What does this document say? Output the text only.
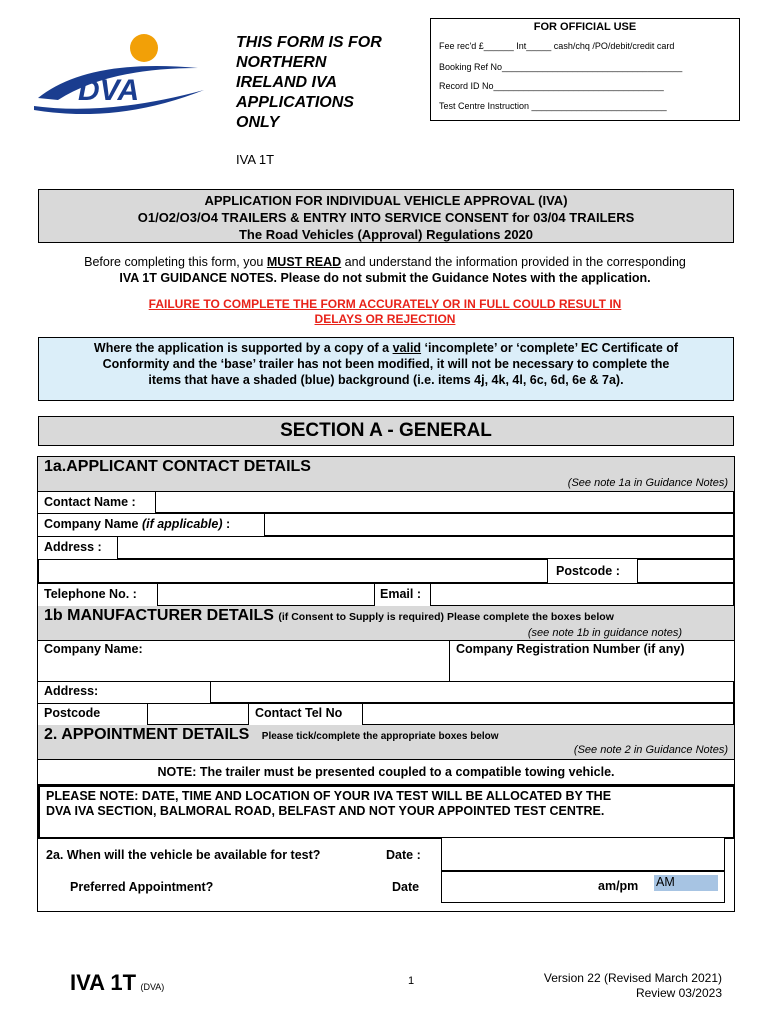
DVA
THIS FORM IS FOR
NORTHERN
IRELAND IVA
APPLICATIONS
ONLY
FOR OFFICIAL USE
Fee rec'd £______ Int_____ cash/chq /PO/debit/credit card
Booking Ref No____________________________________
Record ID No__________________________________
Test Centre Instruction ___________________________
IVA 1T
APPLICATION FOR INDIVIDUAL VEHICLE APPROVAL (IVA)
O1/O2/O3/O4 TRAILERS & ENTRY INTO SERVICE CONSENT for 03/04 TRAILERS
The Road Vehicles (Approval) Regulations 2020
Before completing this form, you MUST READ and understand the information provided in the corresponding
IVA 1T GUIDANCE NOTES. Please do not submit the Guidance Notes with the application.
FAILURE TO COMPLETE THE FORM ACCURATELY OR IN FULL COULD RESULT IN
DELAYS OR REJECTION
Where the application is supported by a copy of a valid ‘incomplete’ or ‘complete’ EC Certificate of
Conformity and the ‘base’ trailer has not been modified, it will not be necessary to complete the
items that have a shaded (blue) background (i.e. items 4j, 4k, 4l, 6c, 6d, 6e & 7a).
SECTION A - GENERAL
1a.APPLICANT CONTACT DETAILS
(See note 1a in Guidance Notes)
Contact Name :
Company Name (if applicable) :
Address :
Postcode :
Telephone No. :	Email :
1b MANUFACTURER DETAILS (if Consent to Supply is required) Please complete the boxes below
(see note 1b in guidance notes)
Company Name:	Company Registration Number (if any)
Address:
Postcode	Contact Tel No
2. APPOINTMENT DETAILS Please tick/complete the appropriate boxes below
(See note 2 in Guidance Notes)
NOTE: The trailer must be presented coupled to a compatible towing vehicle.
PLEASE NOTE: DATE, TIME AND LOCATION OF YOUR IVA TEST WILL BE ALLOCATED BY THE
DVA IVA SECTION, BALMORAL ROAD, BELFAST AND NOT YOUR APPOINTED TEST CENTRE.
2a. When will the vehicle be available for test?	Date :
Preferred Appointment?	Date	am/pm AM
IVA 1T (DVA)	1	Version 22 (Revised March 2021)
Review 03/2023
